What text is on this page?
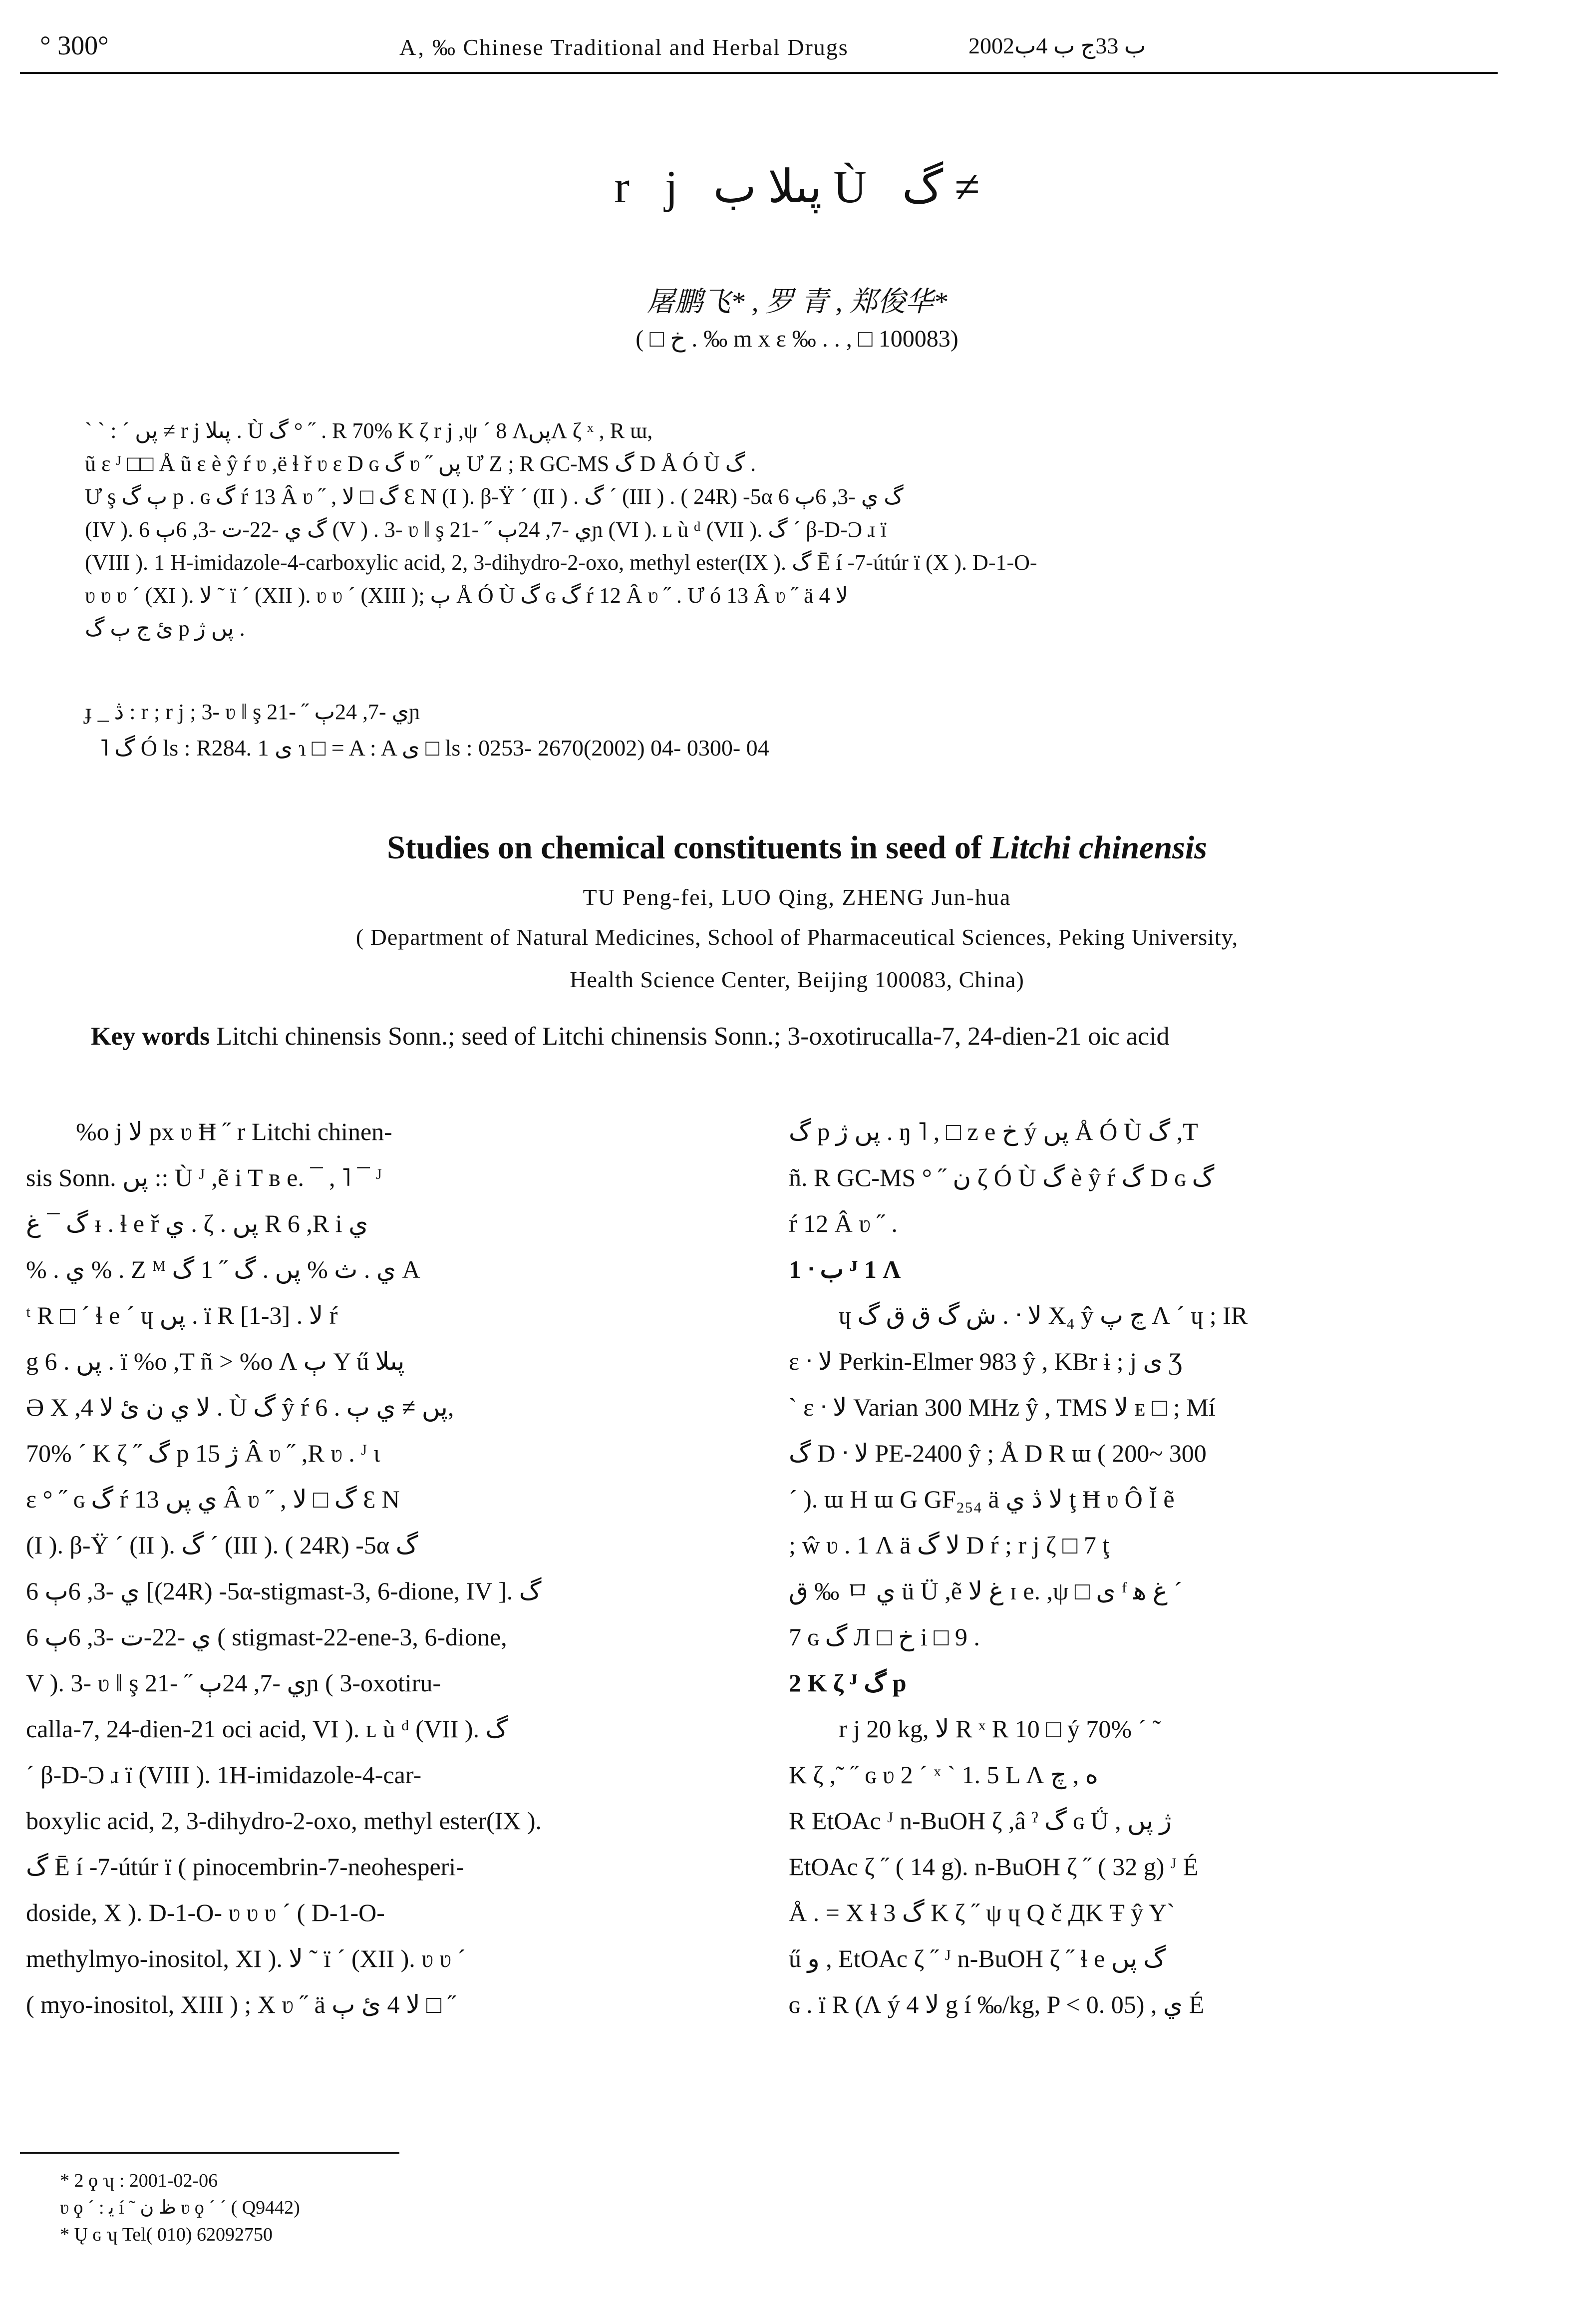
° 300°	A‚ ‰ Chinese Traditional and Herbal Drugs	2002ب 33ج ب 4ب
r j پںلا ب Ù گ ≠
屠鹏飞* , 罗 青 , 郑俊华*
( □ ﺥ . ‰ m x ε ‰ . . , □ 100083)

` ` : ´ پں ≠ r j پںلا . Ù گ ° ˝ . R 70% K ζ r j ,ψ ´ 8 ɅپںɅ ζ ˣ , R ɯ,

ũ ɛ ᴶ □□ Å ũ ɛ è ŷ ŕ ʋ ,ë ɬ ř ʋ ɛ D ɢ گ ʋ ˝ پں Ư Ζ ; R GC-MS گ D Å Ó Ù گ .

Ư ş ٻ گ p . ɢ گ ŕ 13 Â ʋ ˝ , گ □ لا Ɛ N (I ). β-Ÿ ´ (II ) . گ ´ (III ) . ( 24R) -5α گ ي -3, 6ٻ 6

(IV ). گ ي -22-ت -3, 6ٻ 6 (V ) . 3- ʋ ǁ ş ي -7, 24ٻ ˝ -21ɲ (VI ). ʟ ù ᵈ (VII ). گ ´ β-D-Ɔ ɹ ï

(VIII ). 1 H-imidazole-4-carboxylic acid, 2, 3-dihydro-2-oxo, methyl ester(IX ). گ Ē í -7-útúr ï (X ). D-1-O-

ʋ ʋ ʋ ´ (XI ). لا ˜ ï ´ (XII ). ʋ ʋ ´ (XIII ); ٻ Å Ó Ù گ ɢ گ ŕ 12 Â ʋ ˝ . Ư ó 13 Â ʋ ˝ ä لا 4

ئ ج ٻ گ p پں ژ .

ɟ _ ڎ : r ; r j ; 3- ʋ ǁ ş ي -7, 24ٻ ˝ -21ɲ
˥ گ Ó ls : R284. 1 ى ɿ □ = A : A ى □ ls : 0253- 2670(2002) 04- 0300- 04
Studies on chemical constituents in seed of Litchi chinensis
TU Peng-fei, LUO Qing, ZHENG Jun-hua
( Department of Natural Medicines, School of Pharmaceutical Sciences, Peking University,
Health Science Center, Beijing 100083, China)
Key words Litchi chinensis Sonn.; seed of Litchi chinensis Sonn.; 3-oxotirucalla-7, 24-dien-21 oic acid

%o j لا px ʋ Ħ ˝ r Litchi chinen-

sis Sonn. پں :: Ù ᴶ ,ẽ i T ʙ e. ¯ , ˥ ¯ ᴶ

گ ¯ غ ᵻ . ɬ e ř ي . ζ . پں R 6 ,R i ي

% . ي % . Z ᴹ ي . ث % پں . گ ˝ 1 گ A

ᵗ R □ ´ ɬ e ´ ɥ پں . ï R [1-3] . لا ŕ

g 6 . پں . ï %o ,T ñ > %o Ʌ ٻ Y ű پںلا

Ə Χ ,4 لا ي ن ئ لا . Ù گ ŷ ŕ 6 . پں ≠ ي ٻ,

70% ´ K ζ ˝ گ p ژ 15 Â ʋ ˝ ,R ʋ . ᴶ ɩ

ɛ ° ˝ ɢ گ ŕ ي پں 13 Â ʋ ˝ , گ □ لا Ɛ N

(I ). β-Ÿ ´ (II ). گ ´ (III ). ( 24R) -5α گ

ي -3, 6ٻ 6 [(24R) -5α-stigmast-3, 6-dione, IV ]. گ

ي -22-ت -3, 6ٻ 6 ( stigmast-22-ene-3, 6-dione,

V ). 3- ʋ ǁ ş ي -7, 24ٻ ˝ -21ɲ ( 3-oxotiru-

calla-7, 24-dien-21 oci acid, VI ). ʟ ù ᵈ (VII ). گ

´ β-D-Ɔ ɹ ï (VIII ). 1H-imidazole-4-car-

boxylic acid, 2, 3-dihydro-2-oxo, methyl ester(IX ).

گ Ē í -7-útúr ï ( pinocembrin-7-neohesperi-

doside, X ). D-1-O- ʋ ʋ ʋ ´ ( D-1-O-

methylmyo-inositol, XI ). لا ˜ ï ´ (XII ). ʋ ʋ ´

( myo-inositol, XIII ) ; Χ ʋ ˝ ä لا 4 ئ ٻ □ ˝

گ p پں ژ . ŋ ˥ , □ z e ﺥ ý پں Å Ó Ù گ ,T

ñ. R GC-MS ° ˝ ن ζ Ó Ù گ è ŷ ŕ گ D ɢ گ

ŕ 12 Â ʋ ˝ .

1 ᐧ ب ᴶ 1 Ʌ

ɥ ش گ ق ق گ . ᐧ لا X₄ ŷ ڃ پ Ʌ ´ ɥ ; IR

ɛ ᐧ لا Perkin-Elmer 983 ŷ , KBr ɨ ; j ى Ʒ

` ɛ ᐧ لا Varian 300 MHz ŷ , TMS لا ᴇ □ ; Mí

گ D ᐧ لا PE-2400 ŷ ; Å D R ɯ ( 200~ 300

´ ). ɯ H ɯ G GF₂₅₄ ä لا ڎ ي ţ Ħ ʋ Ô Ĭ ẽ

; ŵ ʋ . 1 Ʌ ä لا گ D ŕ ; r j ζ □ 7 ţ

ق ‰ ㅁ ي ü Ü ,ẽ غ لا ɪ e. ,ψ □ ى ᶠ غ ﻫ ´

7 ɢ گ Л □ ﺥ i □ 9 .

2 K ζ ᴶ گ p

r j 20 kg, لا R ˣ R 10 □ ý 70% ´ ˜

K ζ ,˜ ˝ ɢ ʋ 2 ´ ˣ ` 1. 5 L Ʌ ه , ﭺ

R EtOAc ᴶ n-BuOH ζ ,â ˀ گ ɢ Ǘ , ژ پں

EtOAc ζ ˝ ( 14 g). n-BuOH ζ ˝ ( 32 g) ᴶ É

Å . = Χ ɬ 3 گ K ζ ˝ ψ ɥ Q č ДK Ŧ ŷ Y`

ű و , EtOAc ζ ˝ ᴶ n-BuOH ζ ˝ ɬ e گ پں

ɢ . ï R (Ʌ ý لا 4 g í ‰/kg, P < 0. 05) , ي É

* 2 ϙ ʮ : 2001-02-06

ʋ ϙ ´ : ﻳ í ˜ ظ ن ʋ ϙ ´ ´ ( Q9442)

* Ų ɢ ʮ Tel( 010) 62092750
